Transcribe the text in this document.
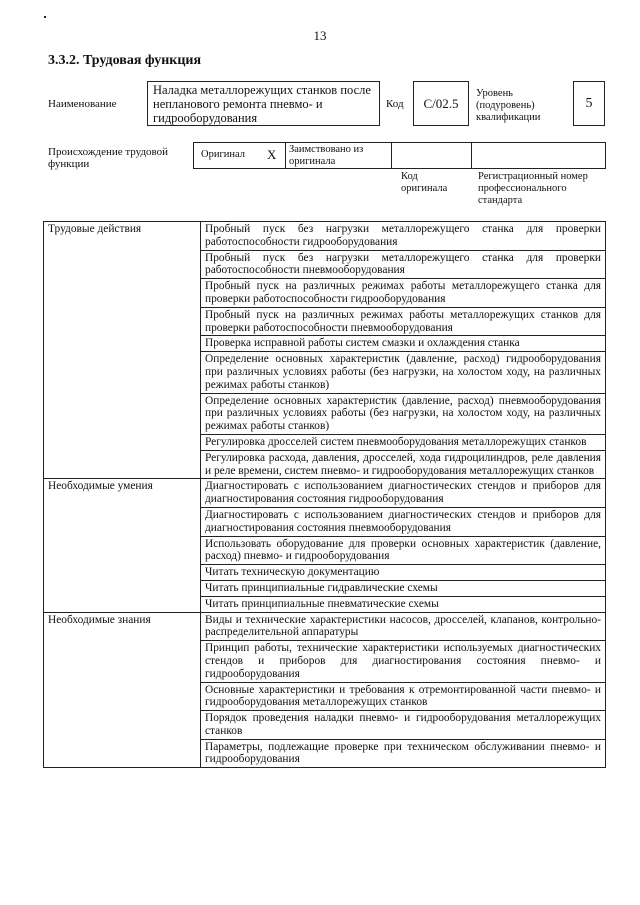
13
3.3.2. Трудовая функция
Наименование
Наладка металлорежущих станков после непланового ремонта пневмо- и гидрооборудования
Код С/02.5
Уровень (подуровень) квалификации
5
Происхождение трудовой функции
Оригинал X Заимствовано из оригинала
Код оригинала
Регистрационный номер профессионального стандарта
Трудовые действия	Пробный пуск без нагрузки металлорежущего станка для проверки работоспособности гидрооборудования
	Пробный пуск без нагрузки металлорежущего станка для проверки работоспособности пневмооборудования
	Пробный пуск на различных режимах работы металлорежущего станка для проверки работоспособности гидрооборудования
	Пробный пуск на различных режимах работы металлорежущих станков для проверки работоспособности пневмооборудования
	Проверка исправной работы систем смазки и охлаждения станка
	Определение основных характеристик (давление, расход) гидрооборудования при различных условиях работы (без нагрузки, на холостом ходу, на различных режимах работы станков)
	Определение основных характеристик (давление, расход) пневмооборудования при различных условиях работы (без нагрузки, на холостом ходу, на различных режимах работы станков)
	Регулировка дросселей систем пневмооборудования металлорежущих станков
	Регулировка расхода, давления, дросселей, хода гидроцилиндров, реле давления и реле времени, систем пневмо- и гидрооборудования металлорежущих станков
Необходимые умения	Диагностировать с использованием диагностических стендов и приборов для диагностирования состояния гидрооборудования
	Диагностировать с использованием диагностических стендов и приборов для диагностирования состояния пневмооборудования
	Использовать оборудование для проверки основных характеристик (давление, расход) пневмо- и гидрооборудования
	Читать техническую документацию
	Читать принципиальные гидравлические схемы
	Читать принципиальные пневматические схемы
Необходимые знания	Виды и технические характеристики насосов, дросселей, клапанов, контрольно-распределительной аппаратуры
	Принцип работы, технические характеристики используемых диагностических стендов и приборов для диагностирования состояния пневмо- и гидрооборудования
	Основные характеристики и требования к отремонтированной части пневмо- и гидрооборудования металлорежущих станков
	Порядок проведения наладки пневмо- и гидрооборудования металлорежущих станков
	Параметры, подлежащие проверке при техническом обслуживании пневмо- и гидрооборудования
